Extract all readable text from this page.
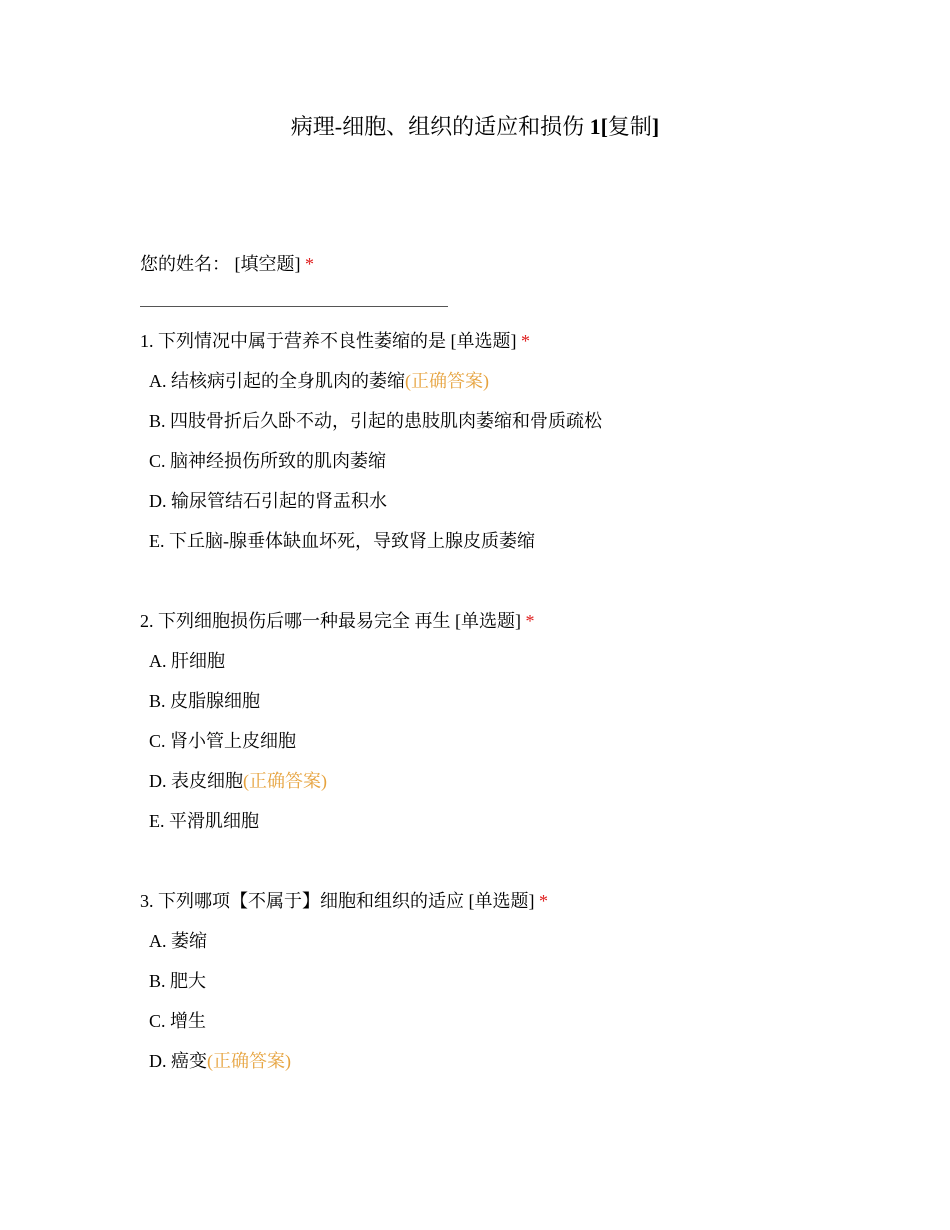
病理-细胞、组织的适应和损伤 1[复制]
您的姓名： [填空题] *
1. 下列情况中属于营养不良性萎缩的是 [单选题] *
A. 结核病引起的全身肌肉的萎缩(正确答案)
B. 四肢骨折后久卧不动，引起的患肢肌肉萎缩和骨质疏松
C. 脑神经损伤所致的肌肉萎缩
D. 输尿管结石引起的肾盂积水
E. 下丘脑-腺垂体缺血坏死，导致肾上腺皮质萎缩
2. 下列细胞损伤后哪一种最易完全 再生 [单选题] *
A. 肝细胞
B. 皮脂腺细胞
C. 肾小管上皮细胞
D. 表皮细胞(正确答案)
E. 平滑肌细胞
3. 下列哪项【不属于】细胞和组织的适应 [单选题] *
A. 萎缩
B. 肥大
C. 增生
D. 癌变(正确答案)
